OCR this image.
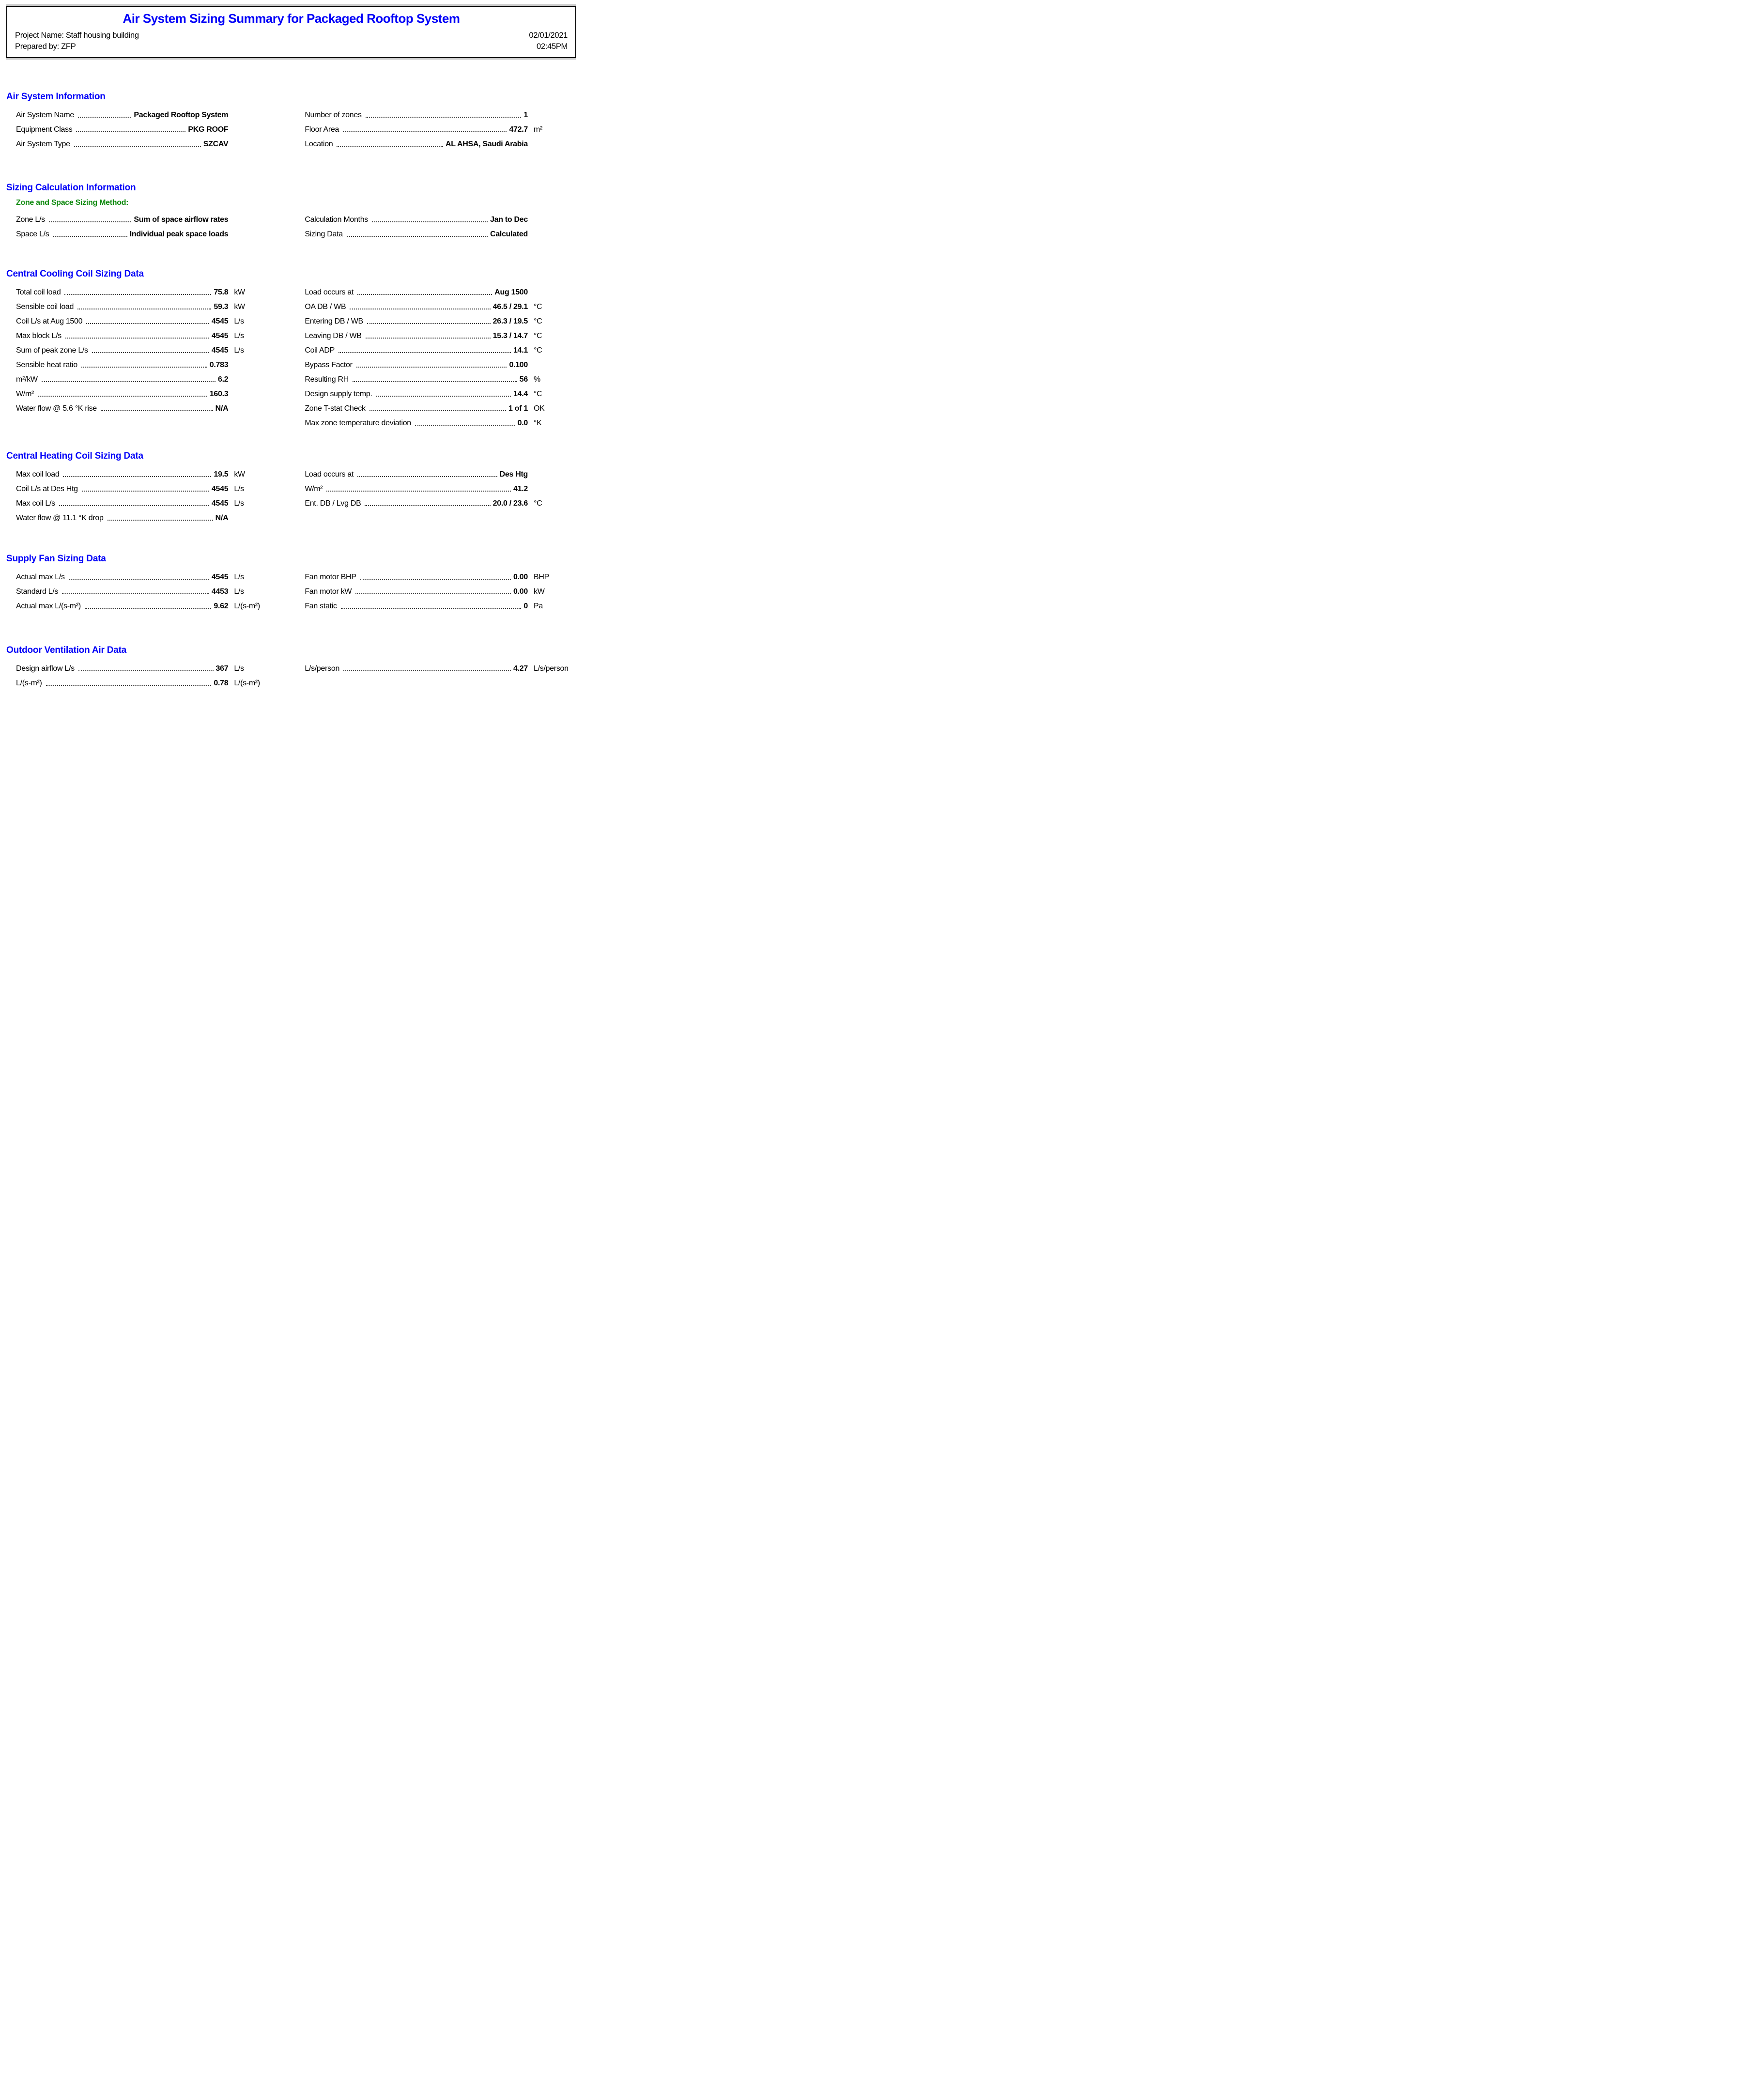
Air System Sizing Summary for Packaged Rooftop System
Project Name: Staff housing building	02/01/2021
Prepared by: ZFP	02:45PM
Air System Information
Air System Name	Packaged Rooftop System
Equipment Class	PKG ROOF
Air System Type	SZCAV
Number of zones	1
Floor Area	472.7 m²
Location	AL AHSA, Saudi Arabia
Sizing Calculation Information
Zone and Space Sizing Method:
Zone L/s	Sum of space airflow rates
Space L/s	Individual peak space loads
Calculation Months	Jan to Dec
Sizing Data	Calculated
Central Cooling Coil Sizing Data
Total coil load	75.8 kW
Sensible coil load	59.3 kW
Coil L/s at Aug 1500	4545 L/s
Max block L/s	4545 L/s
Sum of peak zone L/s	4545 L/s
Sensible heat ratio	0.783
m²/kW	6.2
W/m²	160.3
Water flow @ 5.6 °K rise	N/A
Load occurs at	Aug 1500
OA DB / WB	46.5 / 29.1 °C
Entering DB / WB	26.3 / 19.5 °C
Leaving DB / WB	15.3 / 14.7 °C
Coil ADP	14.1 °C
Bypass Factor	0.100
Resulting RH	56 %
Design supply temp.	14.4 °C
Zone T-stat Check	1 of 1 OK
Max zone temperature deviation	0.0 °K
Central Heating Coil Sizing Data
Max coil load	19.5 kW
Coil L/s at Des Htg	4545 L/s
Max coil L/s	4545 L/s
Water flow @ 11.1 °K drop	N/A
Load occurs at	Des Htg
W/m²	41.2
Ent. DB / Lvg DB	20.0 / 23.6 °C
Supply Fan Sizing Data
Actual max L/s	4545 L/s
Standard L/s	4453 L/s
Actual max L/(s-m²)	9.62 L/(s-m²)
Fan motor BHP	0.00 BHP
Fan motor kW	0.00 kW
Fan static	0 Pa
Outdoor Ventilation Air Data
Design airflow L/s	367 L/s
L/(s-m²)	0.78 L/(s-m²)
L/s/person	4.27 L/s/person
